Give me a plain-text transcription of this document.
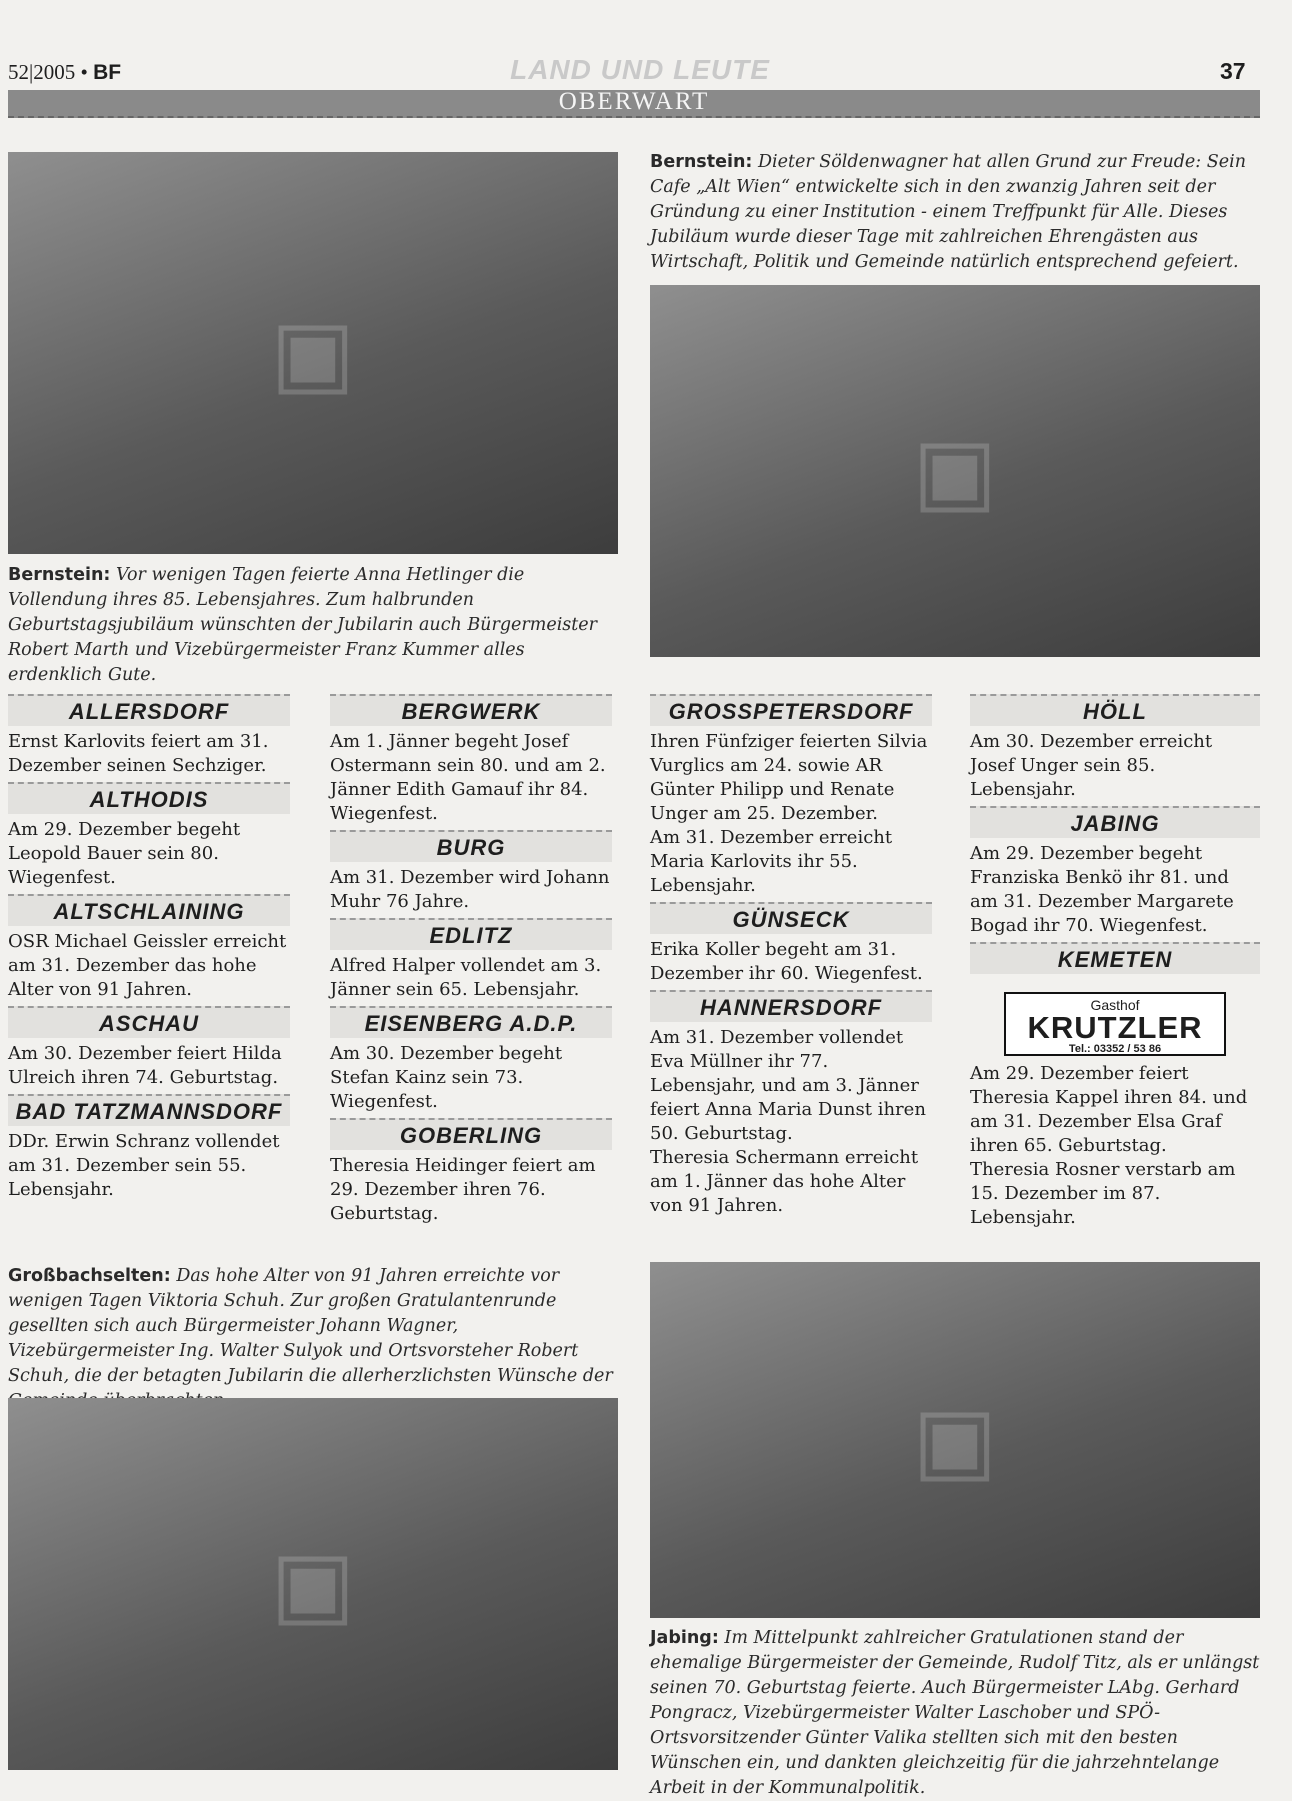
52|2005 • BF	LAND UND LEUTE	37
OBERWART
▣
Bernstein: Vor wenigen Tagen feierte Anna Hetlinger die Vollendung ihres 85. Lebensjahres. Zum halbrunden Geburtstagsjubiläum wünschten der Jubilarin auch Bürgermeister Robert Marth und Vizebürgermeister Franz Kummer alles erdenklich Gute.
Bernstein: Dieter Söldenwagner hat allen Grund zur Freude: Sein Cafe „Alt Wien“ entwickelte sich in den zwanzig Jahren seit der Gründung zu einer Institution - einem Treffpunkt für Alle. Dieses Jubiläum wurde dieser Tage mit zahlreichen Ehrengästen aus Wirtschaft, Politik und Gemeinde natürlich entsprechend gefeiert.
▣
ALLERSDORF

Ernst Karlovits feiert am 31. Dezember seinen Sechziger.

ALTHODIS

Am 29. Dezember begeht Leopold Bauer sein 80. Wiegenfest.

ALTSCHLAINING

OSR Michael Geissler erreicht am 31. Dezember das hohe Alter von 91 Jahren.

ASCHAU

Am 30. Dezember feiert Hilda Ulreich ihren 74. Geburtstag.

BAD TATZMANNSDORF

DDr. Erwin Schranz vollendet am 31. Dezember sein 55. Lebensjahr.

BERGWERK

Am 1. Jänner begeht Josef Ostermann sein 80. und am 2. Jänner Edith Gamauf ihr 84. Wiegenfest.

BURG

Am 31. Dezember wird Johann Muhr 76 Jahre.

EDLITZ

Alfred Halper vollendet am 3. Jänner sein 65. Lebensjahr.

EISENBERG A.D.P.

Am 30. Dezember begeht Stefan Kainz sein 73. Wiegenfest.

GOBERLING

Theresia Heidinger feiert am 29. Dezember ihren 76. Geburtstag.

GROSSPETERSDORF

Ihren Fünfziger feierten Silvia Vurglics am 24. sowie AR Günter Philipp und Renate Unger am 25. Dezember.

Am 31. Dezember erreicht Maria Karlovits ihr 55. Lebensjahr.

GÜNSECK

Erika Koller begeht am 31. Dezember ihr 60. Wiegenfest.

HANNERSDORF

Am 31. Dezember vollendet Eva Müllner ihr 77. Lebensjahr, und am 3. Jänner feiert Anna Maria Dunst ihren 50. Geburtstag.

Theresia Schermann erreicht am 1. Jänner das hohe Alter von 91 Jahren.

HÖLL

Am 30. Dezember erreicht Josef Unger sein 85. Lebensjahr.

JABING

Am 29. Dezember begeht Franziska Benkö ihr 81. und am 31. Dezember Margarete Bogad ihr 70. Wiegenfest.

KEMETEN
Gasthof
KRUTZLER
Tel.: 03352 / 53 86

Am 29. Dezember feiert Theresia Kappel ihren 84. und am 31. Dezember Elsa Graf ihren 65. Geburtstag.

Theresia Rosner verstarb am 15. Dezember im 87. Lebensjahr.

Großbachselten: Das hohe Alter von 91 Jahren erreichte vor wenigen Tagen Viktoria Schuh. Zur großen Gratulantenrunde gesellten sich auch Bürgermeister Johann Wagner, Vizebürgermeister Ing. Walter Sulyok und Ortsvorsteher Robert Schuh, die der betagten Jubilarin die allerherzlichsten Wünsche der
▣
▣
Jabing: Im Mittelpunkt zahlreicher Gratulationen stand der ehemalige Bürgermeister der Gemeinde, Rudolf Titz, als er unlängst seinen 70. Geburtstag feierte. Auch Bürgermeister LAbg. Gerhard Pongracz, Vizebürgermeister Walter Laschober und SPÖ-Ortsvorsitzender Günter Valika stellten sich mit den besten Wünschen ein, und dankten gleichzeitig für die jahrzehntelange Arbeit in der Kommunalpolitik.
